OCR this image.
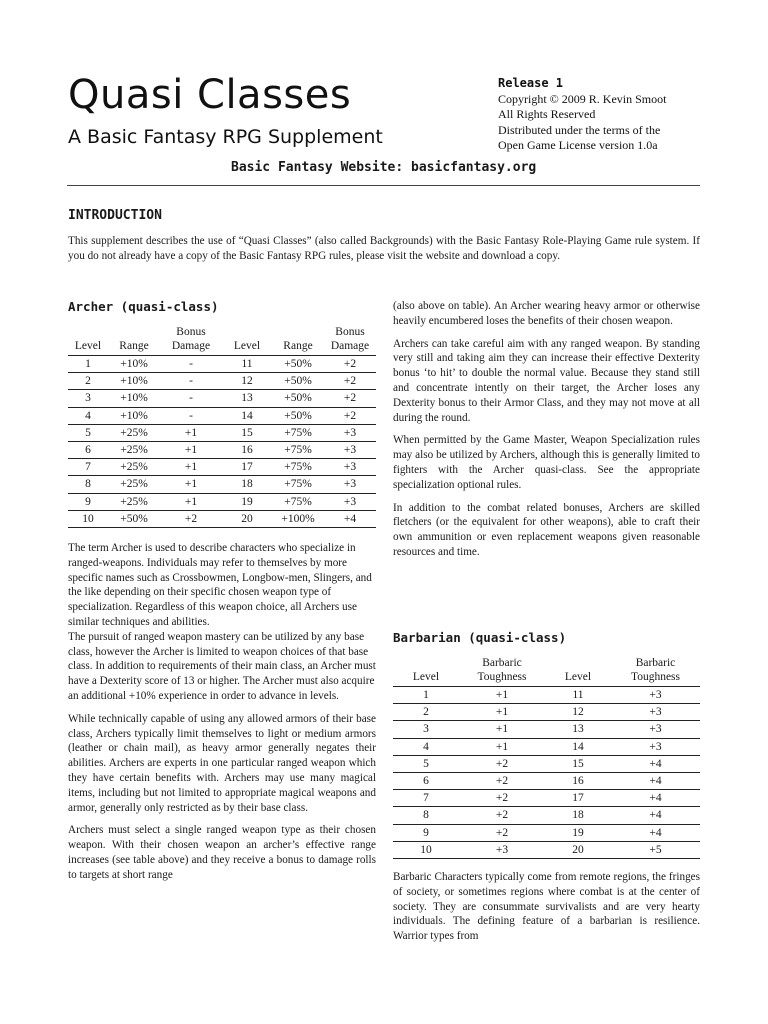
Quasi Classes
A Basic Fantasy RPG Supplement
Release 1
Copyright © 2009 R. Kevin Smoot
All Rights Reserved
Distributed under the terms of the
Open Game License version 1.0a
Basic Fantasy Website: basicfantasy.org
INTRODUCTION
This supplement describes the use of “Quasi Classes” (also called Backgrounds) with the Basic Fantasy Role-Playing Game rule system. If you do not already have a copy of the Basic Fantasy RPG rules, please visit the website and download a copy.
Archer (quasi-class)
Level	Range	Bonus Damage	Level	Range	Bonus Damage
1	+10%	-	11	+50%	+2
2	+10%	-	12	+50%	+2
3	+10%	-	13	+50%	+2
4	+10%	-	14	+50%	+2
5	+25%	+1	15	+75%	+3
6	+25%	+1	16	+75%	+3
7	+25%	+1	17	+75%	+3
8	+25%	+1	18	+75%	+3
9	+25%	+1	19	+75%	+3
10	+50%	+2	20	+100%	+4

The term Archer is used to describe characters who specialize in ranged-weapons. Individuals may refer to themselves by more specific names such as Crossbowmen, Longbow-men, Slingers, and the like depending on their specific chosen weapon type of specialization. Regardless of this weapon choice, all Archers use similar techniques and abilities.

The pursuit of ranged weapon mastery can be utilized by any base class, however the Archer is limited to weapon choices of that base class. In addition to requirements of their main class, an Archer must have a Dexterity score of 13 or higher. The Archer must also acquire an additional +10% experience in order to advance in levels.

While technically capable of using any allowed armors of their base class, Archers typically limit themselves to light or medium armors (leather or chain mail), as heavy armor generally negates their abilities. Archers are experts in one particular ranged weapon which they have certain benefits with. Archers may use many magical items, including but not limited to appropriate magical weapons and armor, generally only restricted as by their base class.

Archers must select a single ranged weapon type as their chosen weapon. With their chosen weapon an archer’s effective range increases (see table above) and they receive a bonus to damage rolls to targets at short range

(also above on table). An Archer wearing heavy armor or otherwise heavily encumbered loses the benefits of their chosen weapon.

Archers can take careful aim with any ranged weapon. By standing very still and taking aim they can increase their effective Dexterity bonus ‘to hit’ to double the normal value. Because they stand still and concentrate intently on their target, the Archer loses any Dexterity bonus to their Armor Class, and they may not move at all during the round.

When permitted by the Game Master, Weapon Specialization rules may also be utilized by Archers, although this is generally limited to fighters with the Archer quasi-class. See the appropriate specialization optional rules.

In addition to the combat related bonuses, Archers are skilled fletchers (or the equivalent for other weapons), able to craft their own ammunition or even replacement weapons given reasonable resources and time.

Barbarian (quasi-class)
Level	Barbaric Toughness	Level	Barbaric Toughness
1	+1	11	+3
2	+1	12	+3
3	+1	13	+3
4	+1	14	+3
5	+2	15	+4
6	+2	16	+4
7	+2	17	+4
8	+2	18	+4
9	+2	19	+4
10	+3	20	+5

Barbaric Characters typically come from remote regions, the fringes of society, or sometimes regions where combat is at the center of society. They are consummate survivalists and are very hearty individuals. The defining feature of a barbarian is resilience. Warrior types from
